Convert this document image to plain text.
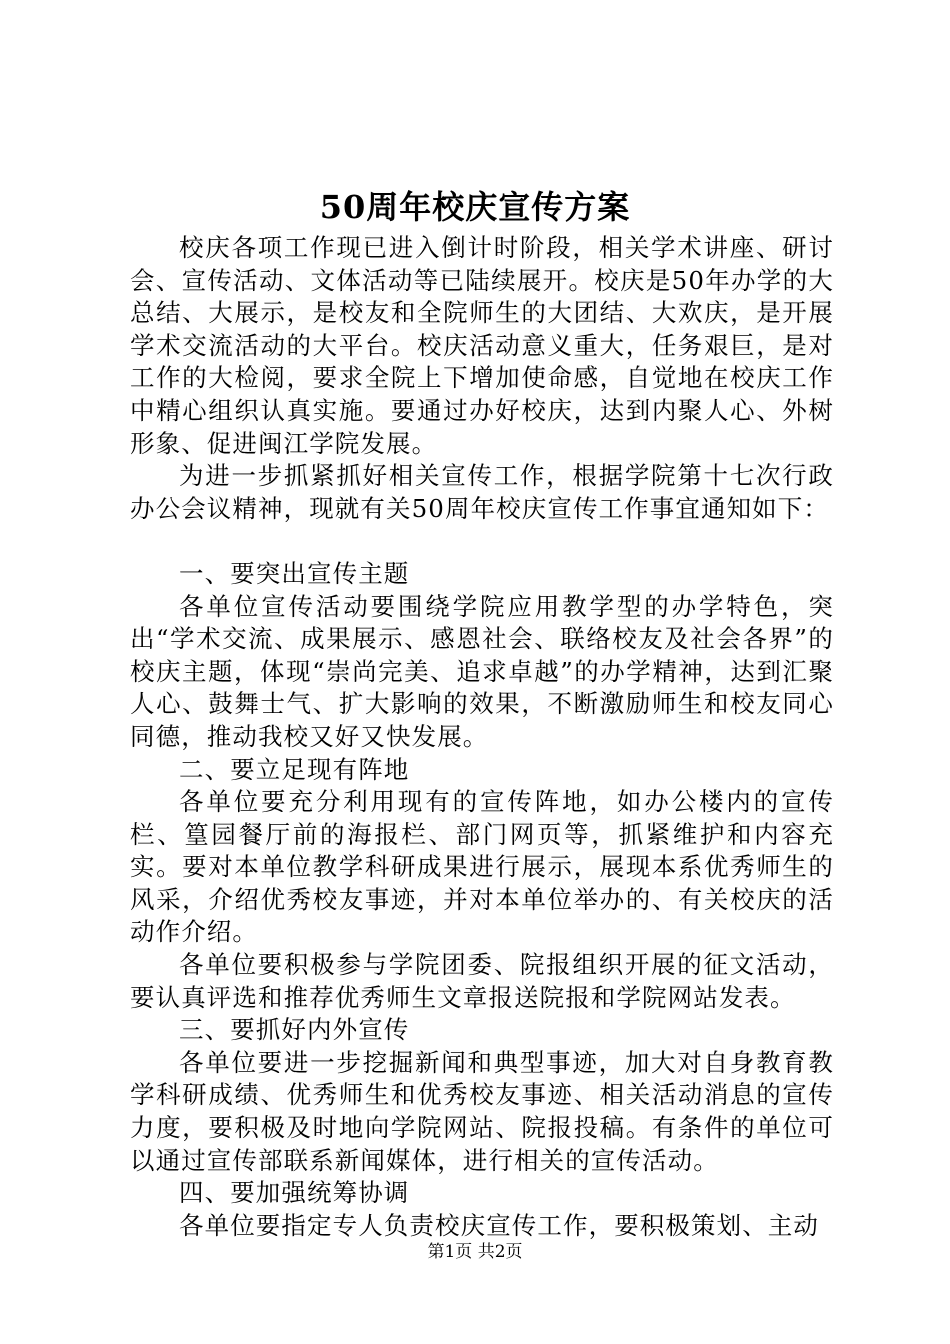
50周年校庆宣传方案

校庆各项工作现已进入倒计时阶段，相关学术讲座、研讨会、宣传活动、文体活动等已陆续展开。校庆是50年办学的大总结、大展示，是校友和全院师生的大团结、大欢庆，是开展学术交流活动的大平台。校庆活动意义重大，任务艰巨，是对工作的大检阅，要求全院上下增加使命感，自觉地在校庆工作中精心组织认真实施。要通过办好校庆，达到内聚人心、外树形象、促进闽江学院发展。

为进一步抓紧抓好相关宣传工作，根据学院第十七次行政办公会议精神，现就有关50周年校庆宣传工作事宜通知如下：

一、要突出宣传主题

各单位宣传活动要围绕学院应用教学型的办学特色，突出“学术交流、成果展示、感恩社会、联络校友及社会各界”的校庆主题，体现“崇尚完美、追求卓越”的办学精神，达到汇聚人心、鼓舞士气、扩大影响的效果，不断激励师生和校友同心同德，推动我校又好又快发展。

二、要立足现有阵地

各单位要充分利用现有的宣传阵地，如办公楼内的宣传栏、篁园餐厅前的海报栏、部门网页等，抓紧维护和内容充实。要对本单位教学科研成果进行展示，展现本系优秀师生的风采，介绍优秀校友事迹，并对本单位举办的、有关校庆的活动作介绍。

各单位要积极参与学院团委、院报组织开展的征文活动，要认真评选和推荐优秀师生文章报送院报和学院网站发表。

三、要抓好内外宣传

各单位要进一步挖掘新闻和典型事迹，加大对自身教育教学科研成绩、优秀师生和优秀校友事迹、相关活动消息的宣传力度，要积极及时地向学院网站、院报投稿。有条件的单位可以通过宣传部联系新闻媒体，进行相关的宣传活动。

四、要加强统筹协调

各单位要指定专人负责校庆宣传工作，要积极策划、主动

第1页 共2页
